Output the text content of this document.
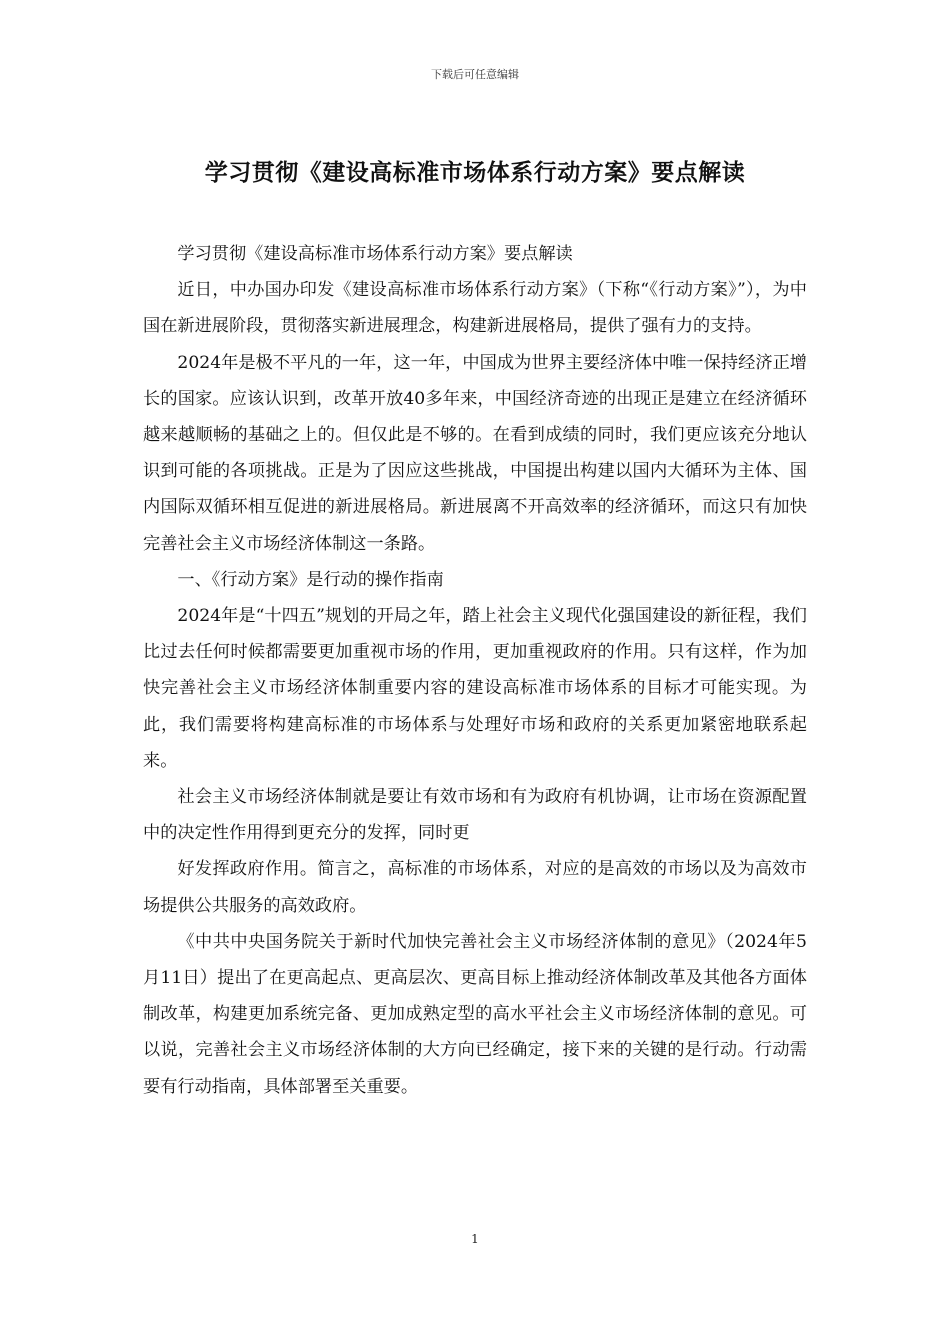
下载后可任意编辑
学习贯彻《建设高标准市场体系行动方案》要点解读

学习贯彻《建设高标准市场体系行动方案》要点解读

近日，中办国办印发《建设高标准市场体系行动方案》（下称“《行动方案》”），为中国在新进展阶段，贯彻落实新进展理念，构建新进展格局，提供了强有力的支持。

2024年是极不平凡的一年，这一年，中国成为世界主要经济体中唯一保持经济正增长的国家。应该认识到，改革开放40多年来，中国经济奇迹的出现正是建立在经济循环越来越顺畅的基础之上的。但仅此是不够的。在看到成绩的同时，我们更应该充分地认识到可能的各项挑战。正是为了因应这些挑战，中国提出构建以国内大循环为主体、国内国际双循环相互促进的新进展格局。新进展离不开高效率的经济循环，而这只有加快完善社会主义市场经济体制这一条路。

一、《行动方案》是行动的操作指南

2024年是“十四五”规划的开局之年，踏上社会主义现代化强国建设的新征程，我们比过去任何时候都需要更加重视市场的作用，更加重视政府的作用。只有这样，作为加快完善社会主义市场经济体制重要内容的建设高标准市场体系的目标才可能实现。为此，我们需要将构建高标准的市场体系与处理好市场和政府的关系更加紧密地联系起来。

社会主义市场经济体制就是要让有效市场和有为政府有机协调，让市场在资源配置中的决定性作用得到更充分的发挥，同时更

好发挥政府作用。简言之，高标准的市场体系，对应的是高效的市场以及为高效市场提供公共服务的高效政府。

《中共中央国务院关于新时代加快完善社会主义市场经济体制的意见》（2024年5月11日）提出了在更高起点、更高层次、更高目标上推动经济体制改革及其他各方面体制改革，构建更加系统完备、更加成熟定型的高水平社会主义市场经济体制的意见。可以说，完善社会主义市场经济体制的大方向已经确定，接下来的关键的是行动。行动需要有行动指南，具体部署至关重要。

1
